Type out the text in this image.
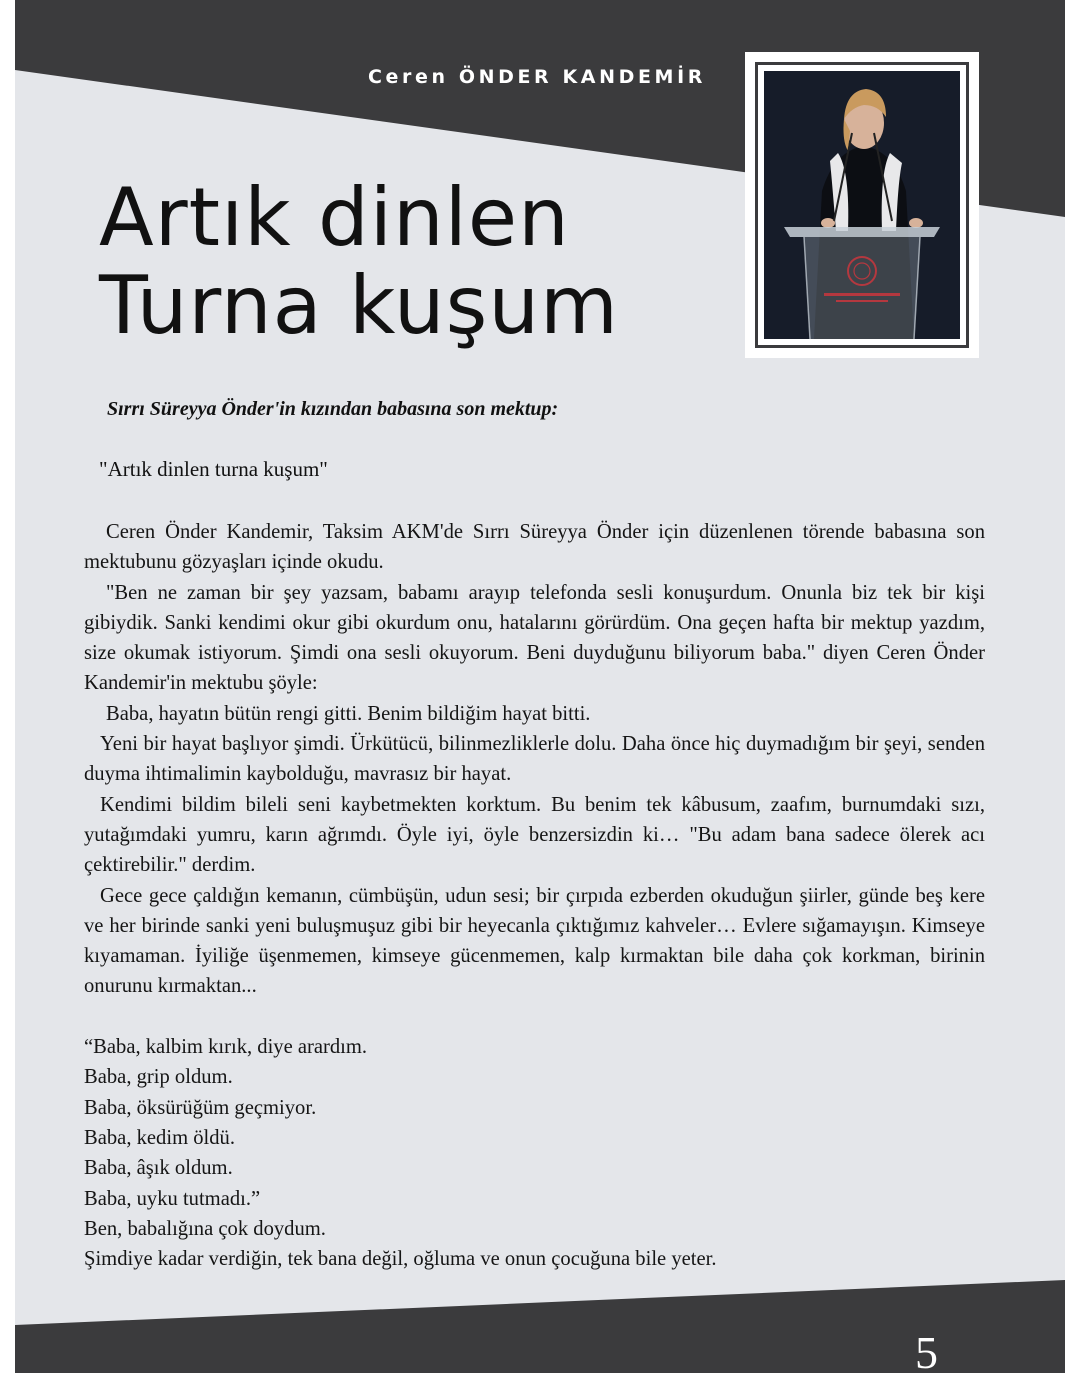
Ceren ÖNDER KANDEMİR
Artık dinlen
Turna kuşum
Sırrı Süreyya Önder'in kızından babasına son mektup:
"Artık dinlen turna kuşum"

Ceren Önder Kandemir, Taksim AKM'de Sırrı Süreyya Önder için düzenlenen törende babasına son mektubunu gözyaşları içinde okudu.

"Ben ne zaman bir şey yazsam, babamı arayıp telefonda sesli konuşurdum. Onunla biz tek bir kişi gibiydik. Sanki kendimi okur gibi okurdum onu, hatalarını görürdüm. Ona geçen hafta bir mektup yazdım, size okumak istiyorum. Şimdi ona sesli okuyorum. Beni duyduğunu biliyorum baba." diyen Ceren Önder Kandemir'in mektubu şöyle:

Baba, hayatın bütün rengi gitti. Benim bildiğim hayat bitti.

Yeni bir hayat başlıyor şimdi. Ürkütücü, bilinmezliklerle dolu. Daha önce hiç duymadığım bir şeyi, senden duyma ihtimalimin kaybolduğu, mavrasız bir hayat.

Kendimi bildim bileli seni kaybetmekten korktum. Bu benim tek kâbusum, zaafım, burnumdaki sızı, yutağımdaki yumru, karın ağrımdı. Öyle iyi, öyle benzersizdin ki… "Bu adam bana sadece ölerek acı çektirebilir." derdim.

Gece gece çaldığın kemanın, cümbüşün, udun sesi; bir çırpıda ezberden okuduğun şiirler, günde beş kere ve her birinde sanki yeni buluşmuşuz gibi bir heyecanla çıktığımız kahveler… Evlere sığamayışın. Kimseye kıyamaman. İyiliğe üşenmemen, kimseye gücenmemen, kalp kırmaktan bile daha çok korkman, birinin onurunu kırmaktan...

“Baba, kalbim kırık, diye arardım.

Baba, grip oldum.

Baba, öksürüğüm geçmiyor.

Baba, kedim öldü.

Baba, âşık oldum.

Baba, uyku tutmadı.”

Ben, babalığına çok doydum.

Şimdiye kadar verdiğin, tek bana değil, oğluma ve onun çocuğuna bile yeter.

5
